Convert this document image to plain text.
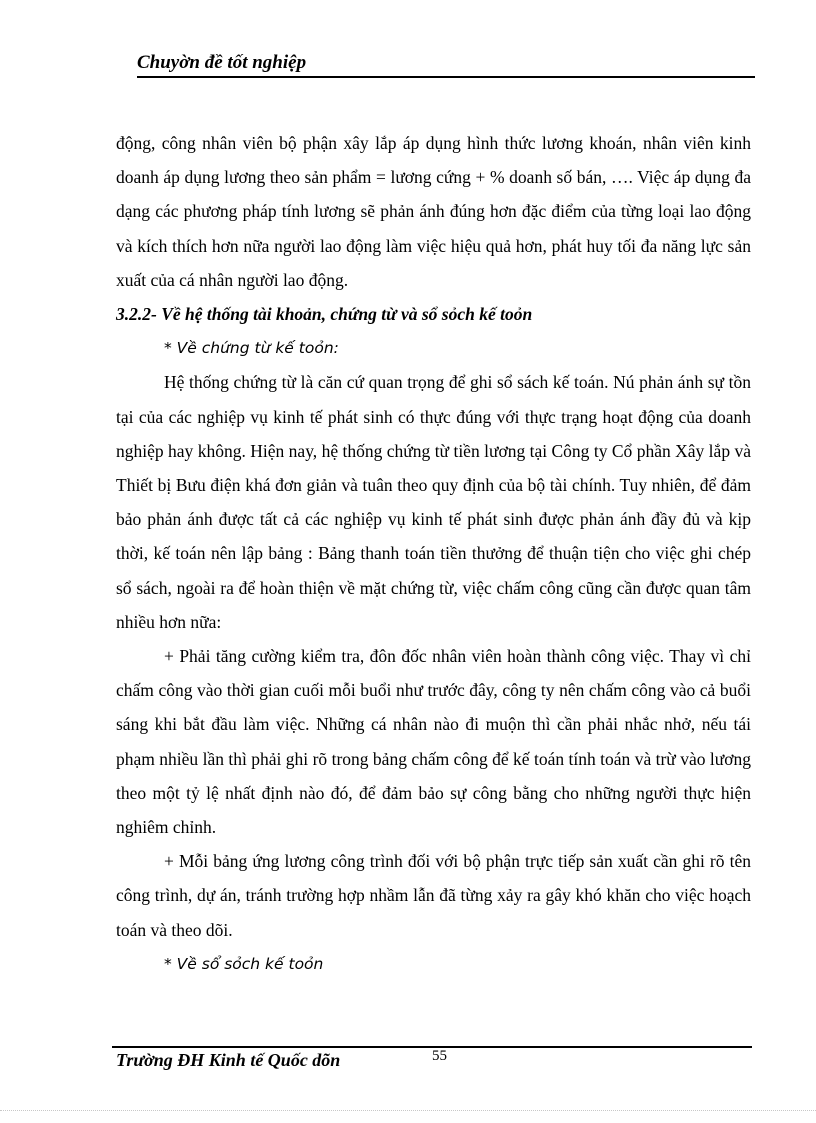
Chuyờn đề tốt nghiệp

động, công nhân viên bộ phận xây lắp áp dụng hình thức lương khoán, nhân viên kinh doanh áp dụng lương theo sản phẩm = lương cứng + % doanh số bán, …. Việc áp dụng đa dạng các phương pháp tính lương sẽ phản ánh đúng hơn đặc điểm của từng loại lao động và kích thích hơn nữa người lao động làm việc hiệu quả hơn, phát huy tối đa năng lực sản xuất của cá nhân người lao động.

3.2.2- Về hệ thống tài khoản, chứng từ và sổ sỏch kế toỏn

* Về chứng từ kế toỏn:

Hệ thống chứng từ là căn cứ quan trọng để ghi sổ sách kế toán. Nú phản ánh sự tồn tại của các nghiệp vụ kinh tế phát sinh có thực đúng với thực trạng hoạt động của doanh nghiệp hay không. Hiện nay, hệ thống chứng từ tiền lương tại Công ty Cổ phần Xây lắp và Thiết bị Bưu điện khá đơn giản và tuân theo quy định của bộ tài chính. Tuy nhiên, để đảm bảo phản ánh được tất cả các nghiệp vụ kinh tế phát sinh được phản ánh đầy đủ và kịp thời, kế toán nên lập bảng : Bảng thanh toán tiền thưởng để thuận tiện cho việc ghi chép sổ sách, ngoài ra để hoàn thiện về mặt chứng từ, việc chấm công cũng cần được quan tâm nhiều hơn nữa:

+ Phải tăng cường kiểm tra, đôn đốc nhân viên hoàn thành công việc. Thay vì chỉ chấm công vào thời gian cuối mỗi buổi như trước đây, công ty nên chấm công vào cả buổi sáng khi bắt đầu làm việc. Những cá nhân nào đi muộn thì cần phải nhắc nhở, nếu tái phạm nhiều lần thì phải ghi rõ trong bảng chấm công để kế toán tính toán và trừ vào lương theo một tỷ lệ nhất định nào đó, để đảm bảo sự công bằng cho những người thực hiện nghiêm chỉnh.

+ Mỗi bảng ứng lương công trình đối với bộ phận trực tiếp sản xuất cần ghi rõ tên công trình, dự án, tránh trường hợp nhầm lẫn đã từng xảy ra gây khó khăn cho việc hoạch toán và theo dõi.

* Về sổ sỏch kế toỏn

Trường ĐH Kinh tế Quốc dõn	55
